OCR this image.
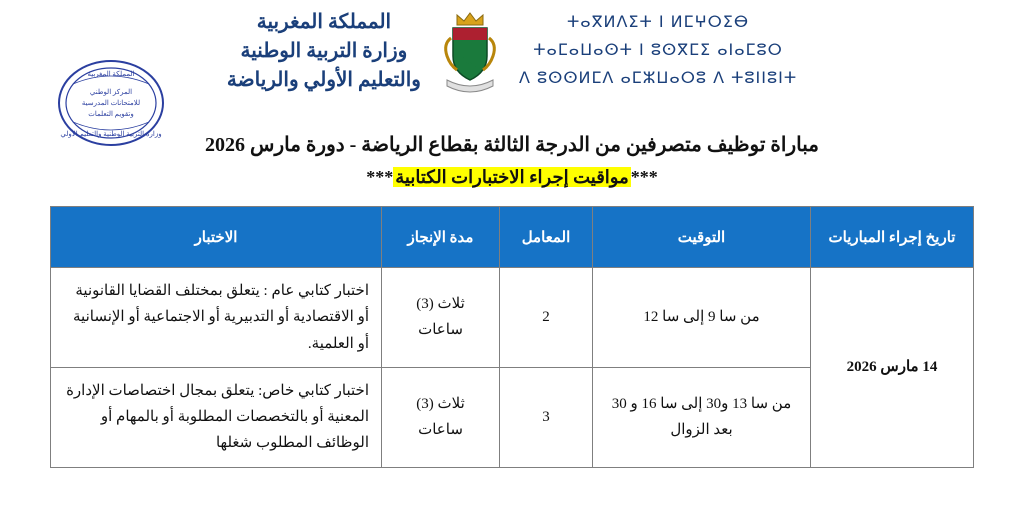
ⵜⴰⴳⵍⴷⵉⵜ ⵏ ⵍⵎⵖⵔⵉⴱ
ⵜⴰⵎⴰⵡⴰⵙⵜ ⵏ ⵓⵙⴳⵎⵉ ⴰⵏⴰⵎⵓⵔ
ⴷ ⵓⵙⵙⵍⵎⴷ ⴰⵎⵣⵡⴰⵔⵓ ⴷ ⵜⵓⵏⵏⵓⵏⵜ
المملكة المغربية
وزارة التربية الوطنية
والتعليم الأولي والرياضة
المملكة المغربية
المركز الوطني
للامتحانات المدرسية
وتقويم التعلمات
وزارة التربية الوطنية والتعليم الأولي	مباراة توظيف متصرفين من الدرجة الثالثة بقطاع الرياضة - دورة مارس 2026
***مواقيت إجراء الاختبارات الكتابية***
تاريخ إجراء المباريات	التوقيت	المعامل	مدة الإنجاز	الاختبار
14 مارس 2026	من سا 9 إلى سا 12	2	ثلاث (3) ساعات	اختبار كتابي عام : يتعلق بمختلف القضايا القانونية أو الاقتصادية أو التدبيرية أو الاجتماعية أو الإنسانية أو العلمية.
	من سا 13 و30 إلى سا 16 و 30 بعد الزوال	3	ثلاث (3) ساعات	اختبار كتابي خاص: يتعلق بمجال اختصاصات الإدارة المعنية أو بالتخصصات المطلوبة أو بالمهام أو الوظائف المطلوب شغلها
